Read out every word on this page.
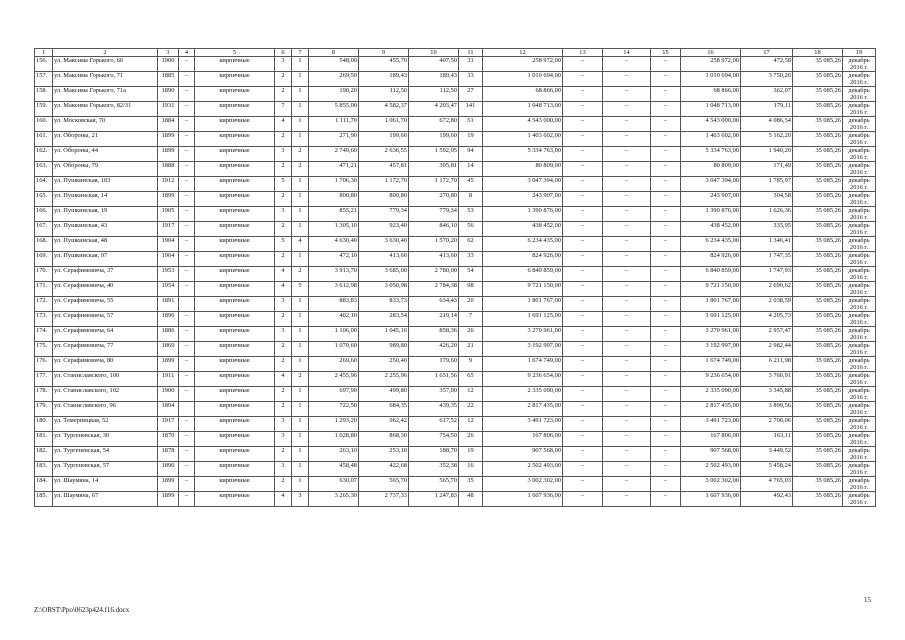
1	2	3	4	5	6	7	8	9	10	11	12	13	14	15	16	17	18	19
156.	ул. Максима Горького, 66	1900	–	кирпичные	3	1	548,00	455,70	407,50	31	258 972,00	–	–	–	258 972,00	472,58	35 085,26	декабрь 2016 г.
157.	ул. Максима Горького, 71	1885	–	кирпичные	2	1	269,50	189,43	189,43	33	1 010 694,00	–	–	–	1 010 694,00	3 750,26	35 085,26	декабрь 2016 г.
158.	ул. Максима Горького, 71а	1890	–	кирпичные	2	1	190,20	112,50	112,50	27	68 866,00	–	–	–	68 866,00	362,07	35 085,26	декабрь 2016 г.
159.	ул. Максима Горького, 82/31	1931	–	кирпичные	7	1	5 855,00	4 582,37	4 203,47	141	1 048 713,00	–	–	–	1 048 713,00	179,11	35 085,26	декабрь 2016 г.
160.	ул. Московская, 70	1884	–	кирпичные	4	1	1 111,70	1 061,70	672,80	51	4 543 000,00	–	–	–	4 543 000,00	4 086,54	35 085,26	декабрь 2016 г.
161.	ул. Обороны, 21	1899	–	кирпичные	2	1	271,90	199,60	199,60	19	1 403 602,00	–	–	–	1 403 602,00	5 162,20	35 085,26	декабрь 2016 г.
162.	ул. Обороны, 44	1899	–	кирпичные	3	2	2 749,60	2 636,55	1 592,95	94	5 334 763,00	–	–	–	5 334 763,00	1 940,20	35 085,26	декабрь 2016 г.
163.	ул. Обороны, 79	1888	–	кирпичные	2	2	471,21	457,81	395,81	14	80 809,00	–	–	–	80 809,00	171,49	35 085,26	декабрь 2016 г.
164.	ул. Пушкинская, 103	1912	–	кирпичные	5	1	1 706,30	1 172,70	1 172,70	45	3 047 394,00	–	–	–	3 047 394,00	1 785,97	35 085,26	декабрь 2016 г.
165.	ул. Пушкинская, 14	1899	–	кирпичные	2	1	800,80	800,80	270,80	8	243 907,00	–	–	–	243 907,00	304,58	35 085,26	декабрь 2016 г.
166.	ул. Пушкинская, 19	1905	–	кирпичные	3	1	855,21	779,34	779,34	53	1 390 876,00	–	–	–	1 390 876,00	1 626,36	35 085,26	декабрь 2016 г.
167.	ул. Пушкинская, 43	1917	–	кирпичные	2	1	1 305,10	923,40	846,10	56	438 452,00	–	–	–	438 452,00	335,95	35 085,26	декабрь 2016 г.
168.	ул. Пушкинская, 48	1904	–	кирпичные	5	4	4 630,40	3 630,40	1 570,20	62	6 234 435,00	–	–	–	6 234 435,00	1 346,41	35 085,26	декабрь 2016 г.
169.	ул. Пушкинская, 97	1904	–	кирпичные	2	1	472,10	413,60	413,60	33	824 926,00	–	–	–	824 926,00	1 747,35	35 085,26	декабрь 2016 г.
170.	ул. Серафимовича, 37	1953	–	кирпичные	4	2	3 913,70	3 685,00	2 780,00	54	6 840 859,00	–	–	–	6 840 859,00	1 747,93	35 085,26	декабрь 2016 г.
171.	ул. Серафимовича, 40	1954	–	кирпичные	4	5	3 612,98	3 050,98	2 784,38	98	9 721 150,00	–	–	–	9 721 150,00	2 690,62	35 085,26	декабрь 2016 г.
172.	ул. Серафимовича, 55	1891		кирпичные	3	1	883,83	833,73	634,43	20	1 801 767,00	–	–	–	1 801 767,00	2 038,59	35 085,26	декабрь 2016 г.
173.	ул. Серафимовича, 57	1896	–	кирпичные	2	1	402,10	283,54	219,14	7	1 691 125,00	–	–	–	1 691 125,00	4 205,73	35 085,26	декабрь 2016 г.
174.	ул. Серафимовича, 64	1886	–	кирпичные	3	1	1 106,00	1 045,16	858,36	26	3 270 961,00	–	–	–	3 270 961,00	2 957,47	35 085,26	декабрь 2016 г.
175.	ул. Серафимовича, 77	1869	–	кирпичные	2	1	1 070,60	989,80	426,20	21	3 192 997,00	–	–	–	3 192 997,00	2 982,44	35 085,26	декабрь 2016 г.
176.	ул. Серафимовича, 80	1899	–	кирпичные	2	1	269,60	250,40	179,60	9	1 674 749,00	–	–	–	1 674 749,00	6 211,98	35 085,26	декабрь 2016 г.
177.	ул. Станиславского, 100	1911	–	кирпичные	4	2	2 455,96	2 255,96	1 651,56	65	9 236 654,00	–	–	–	9 236 654,00	3 760,91	35 085,26	декабрь 2016 г.
178.	ул. Станиславского, 102	1900	–	кирпичные	2	1	697,90	499,80	357,00	12	2 335 090,00	–	–	–	2 335 090,00	3 345,88	35 085,26	декабрь 2016 г.
179.	ул. Станиславского, 96	1894		кирпичные	2	1	722,50	684,35	439,35	22	2 817 435,00	–	–	–	2 817 435,00	3 899,56	35 085,26	декабрь 2016 г.
180.	ул. Темерницкая, 52	1917	–	кирпичные	3	1	1 293,20	962,42	617,52	12	3 491 723,00	–	–	–	3 491 723,00	2 700,06	35 085,26	декабрь 2016 г.
181.	ул. Тургеневская, 30	1870	–	кирпичные	3	1	1 028,80	868,30	754,50	26	167 806,00	–	–	–	167 806,00	163,11	35 085,26	декабрь 2016 г.
182.	ул. Тургеневская, 54	1878	–	кирпичные	2	1	263,10	253,10	188,70	19	907 568,00	–	–	–	907 568,00	3 449,52	35 085,26	декабрь 2016 г.
183.	ул. Тургеневская, 57	1890	–	кирпичные	3	1	458,48	422,68	352,38	16	2 502 493,00	–	–	–	2 502 493,00	5 458,24	35 085,26	декабрь 2016 г.
184.	ул. Шаумяна, 14	1899	–	кирпичные	2	1	630,07	565,70	565,70	35	3 002 302,00	–	–	–	3 002 302,00	4 765,03	35 085,26	декабрь 2016 г.
185.	ул. Шаумяна, 67	1899	–	кирпичные	4	3	3 265,30	2 737,33	1 247,83	48	1 607 936,00	–	–	–	1 607 936,00	492,43	35 085,26	декабрь 2016 г.
15
Z:\ORST\Ppo\0623p424.f16.docx
